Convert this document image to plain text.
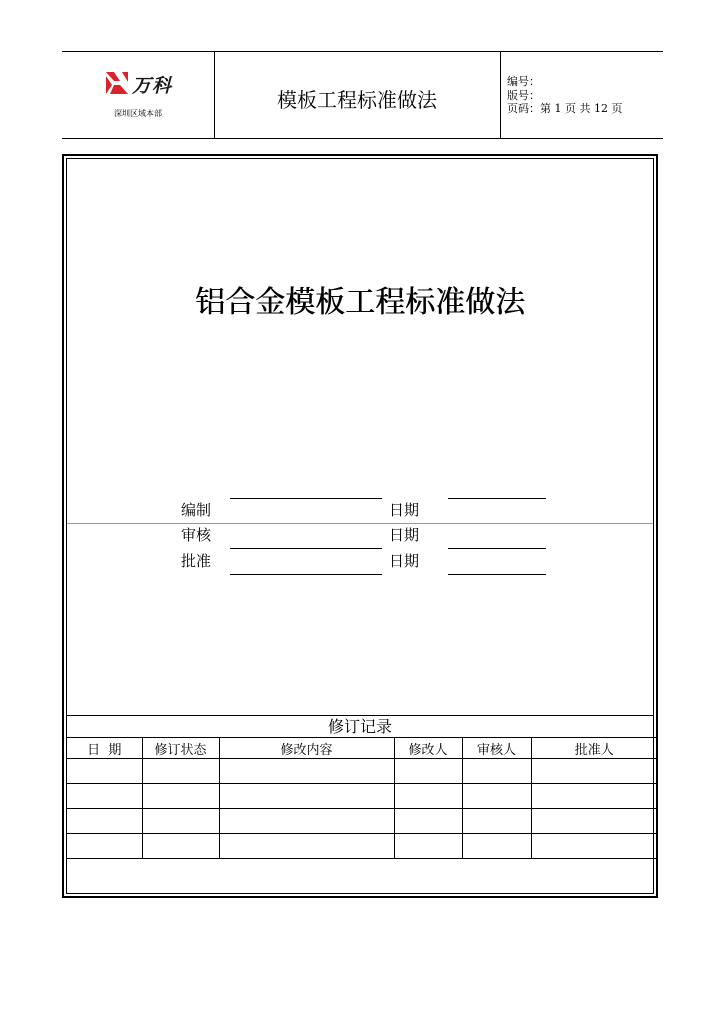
万科
深圳区域本部
模板工程标准做法
编号：
版号：
页码：第 1 页 共 12 页
铝合金模板工程标准做法
编制	日期
审核	日期
批准	日期
修订记录
日  期	修订状态	修改内容	修改人	审核人	批准人
